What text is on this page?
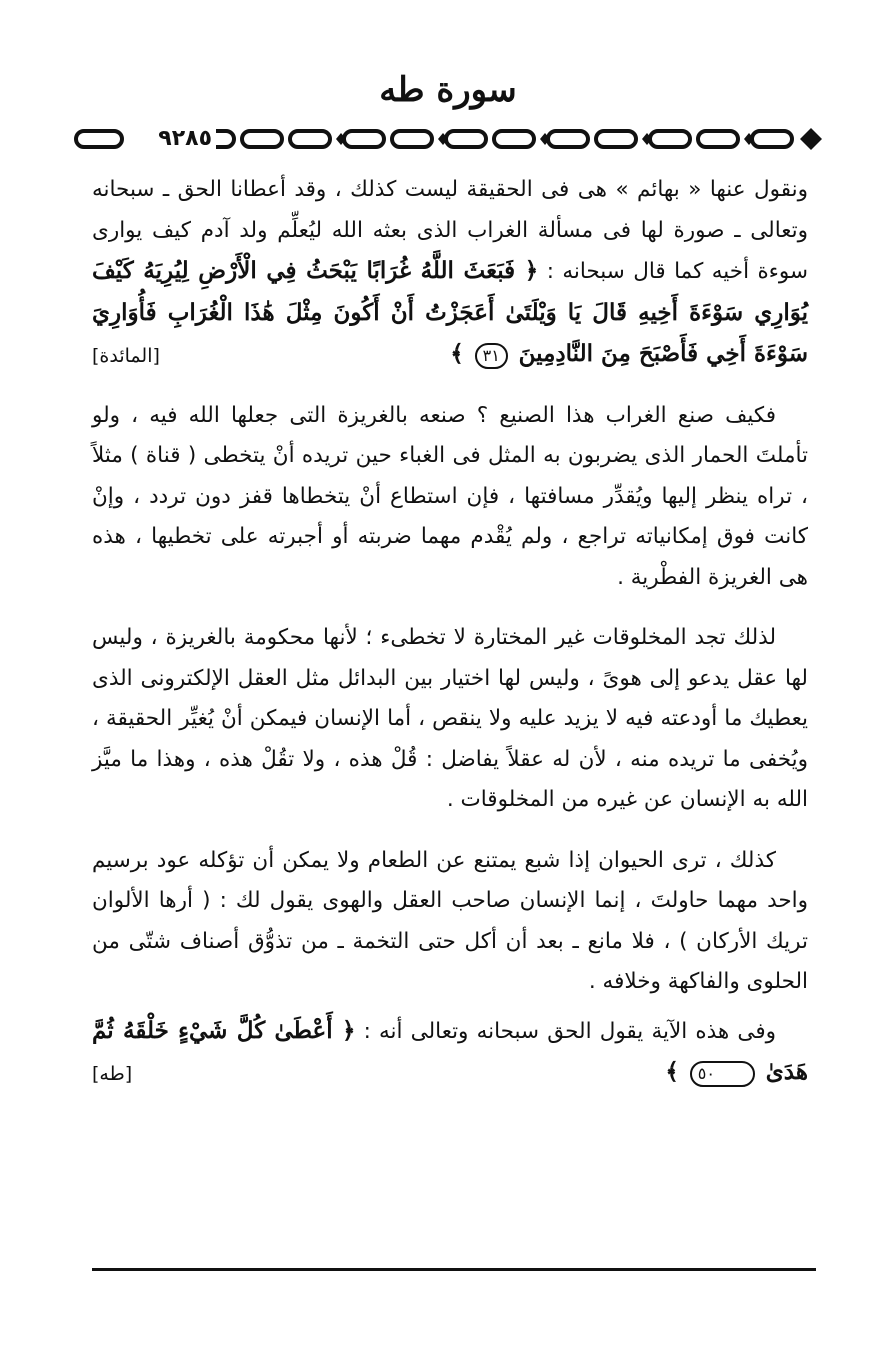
سورة طه
٩٢٨٥

ونقول عنها « بهائم » هى فى الحقيقة ليست كذلك ، وقد أعطانا الحق ـ سبحانه وتعالى ـ صورة لها فى مسألة الغراب الذى بعثه الله ليُعلِّم ولد آدم كيف يوارى سوءة أخيه كما قال سبحانه : ﴿ فَبَعَثَ اللَّهُ غُرَابًا يَبْحَثُ فِي الْأَرْضِ لِيُرِيَهُ كَيْفَ يُوَارِي سَوْءَةَ أَخِيهِ قَالَ يَا وَيْلَتَىٰ أَعَجَزْتُ أَنْ أَكُونَ مِثْلَ هَٰذَا الْغُرَابِ فَأُوَارِيَ سَوْءَةَ أَخِي فَأَصْبَحَ مِنَ النَّادِمِينَ ٣١ ﴾
[المائدة]

فكيف صنع الغراب هذا الصنيع ؟ صنعه بالغريزة التى جعلها الله فيه ، ولو تأملتَ الحمار الذى يضربون به المثل فى الغباء حين تريده أنْ يتخطى ( قناة ) مثلاً ، تراه ينظر إليها ويُقدِّر مسافتها ، فإن استطاع أنْ يتخطاها قفز دون تردد ، وإنْ كانت فوق إمكانياته تراجع ، ولم يُقْدم مهما ضربته أو أجبرته على تخطيها ، هذه هى الغريزة الفطْرية .

لذلك تجد المخلوقات غير المختارة لا تخطىء ؛ لأنها محكومة بالغريزة ، وليس لها عقل يدعو إلى هوىً ، وليس لها اختيار بين البدائل مثل العقل الإلكترونى الذى يعطيك ما أودعته فيه لا يزيد عليه ولا ينقص ، أما الإنسان فيمكن أنْ يُغيِّر الحقيقة ، ويُخفى ما تريده منه ، لأن له عقلاً يفاضل : قُلْ هذه ، ولا تقُلْ هذه ، وهذا ما ميَّز الله به الإنسان عن غيره من المخلوقات .

كذلك ، ترى الحيوان إذا شبع يمتنع عن الطعام ولا يمكن أن تؤكله عود برسيم واحد مهما حاولتَ ، إنما الإنسان صاحب العقل والهوى يقول لك : ( أرها الألوان تريك الأركان ) ، فلا مانع ـ بعد أن أكل حتى التخمة ـ من تذوُّق أصناف شتّى من الحلوى والفاكهة وخلافه .

وفى هذه الآية يقول الحق سبحانه وتعالى أنه : ﴿ أَعْطَىٰ كُلَّ شَيْءٍ خَلْقَهُ ثُمَّ هَدَىٰ ٥٠ ﴾
[طه]
